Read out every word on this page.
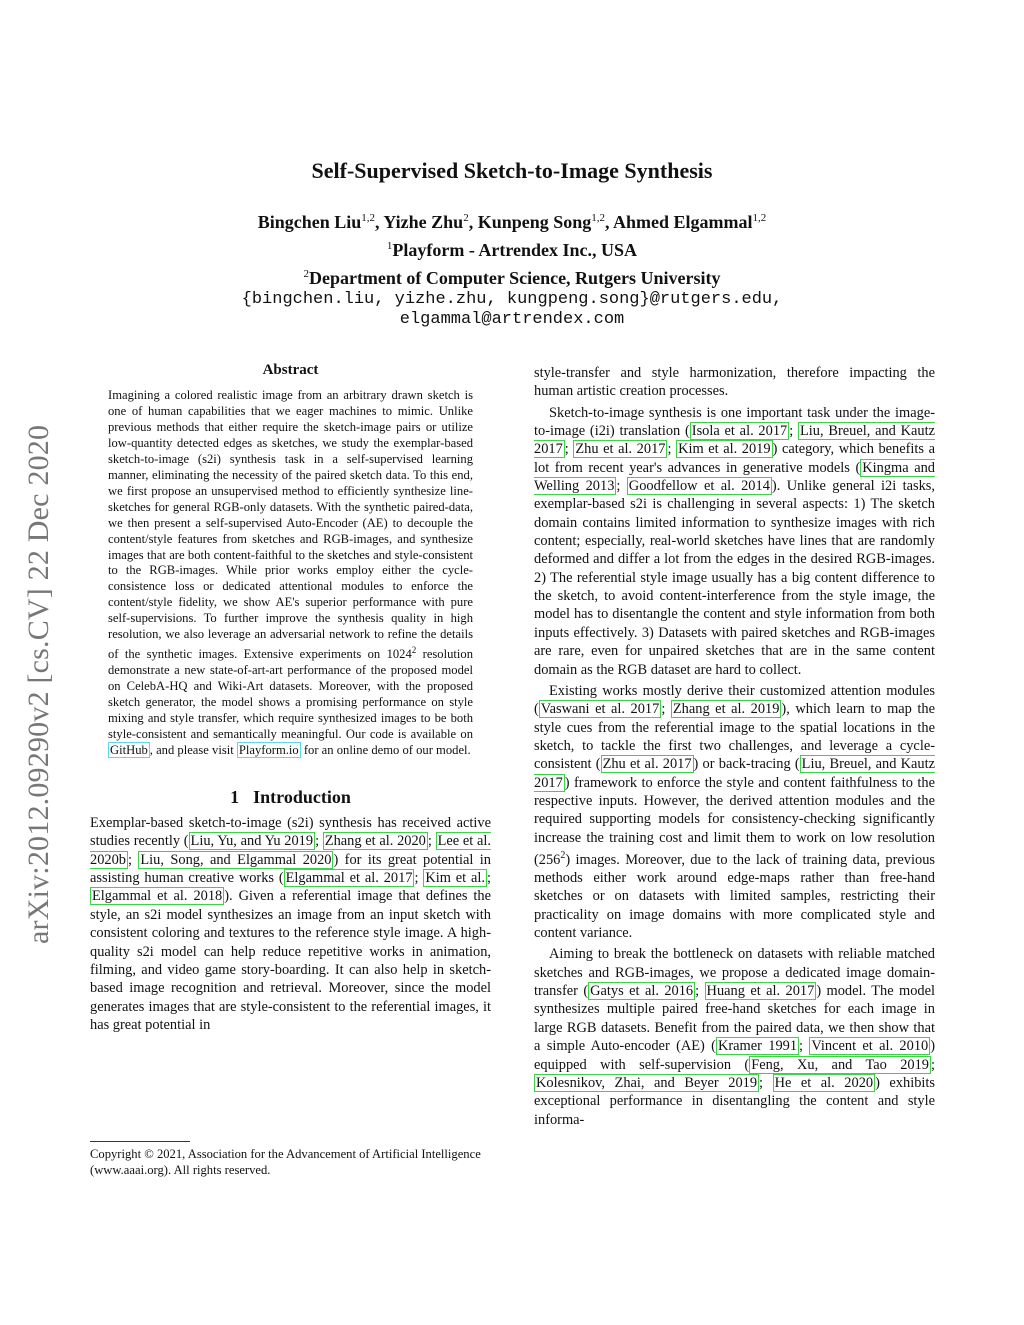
arXiv:2012.09290v2 [cs.CV] 22 Dec 2020
Self-Supervised Sketch-to-Image Synthesis
Bingchen Liu$^{1,2}$, Yizhe Zhu$^2$, Kunpeng Song$^{1,2}$, Ahmed Elgammal$^{1,2}$
$^1$Playform - Artrendex Inc., USA
$^2$Department of Computer Science, Rutgers University
{bingchen.liu, yizhe.zhu, kungpeng.song}@rutgers.edu,
elgammal@artrendex.com
Abstract
Imagining a colored realistic image from an arbitrary drawn sketch is one of human capabilities that we eager machines to mimic. Unlike previous methods that either require the sketch-image pairs or utilize low-quantity detected edges as sketches, we study the exemplar-based sketch-to-image (s2i) synthesis task in a self-supervised learning manner, eliminating the necessity of the paired sketch data. To this end, we first propose an unsupervised method to efficiently synthesize line-sketches for general RGB-only datasets. With the synthetic paired-data, we then present a self-supervised Auto-Encoder (AE) to decouple the content/style features from sketches and RGB-images, and synthesize images that are both content-faithful to the sketches and style-consistent to the RGB-images. While prior works employ either the cycle-consistence loss or dedicated attentional modules to enforce the content/style fidelity, we show AE's superior performance with pure self-supervisions. To further improve the synthesis quality in high resolution, we also leverage an adversarial network to refine the details of the synthetic images. Extensive experiments on 1024$^2$ resolution demonstrate a new state-of-art-art performance of the proposed model on CelebA-HQ and Wiki-Art datasets. Moreover, with the proposed sketch generator, the model shows a promising performance on style mixing and style transfer, which require synthesized images to be both style-consistent and semantically meaningful. Our code is available on GitHub , and please visit Playform.io for an online demo of our model.
1 Introduction

Exemplar-based sketch-to-image (s2i) synthesis has received active studies recently ( Liu, Yu, and Yu 2019 ; Zhang et al. 2020 ; Lee et al. 2020b ; Liu, Song, and Elgammal 2020 ) for its great potential in assisting human creative works ( Elgammal et al. 2017 ; Kim et al. ; Elgammal et al. 2018 ). Given a referential image that defines the style, an s2i model synthesizes an image from an input sketch with consistent coloring and textures to the reference style image. A high-quality s2i model can help reduce repetitive works in animation, filming, and video game story-boarding. It can also help in sketch-based image recognition and retrieval. Moreover, since the model generates images that are style-consistent to the referential images, it has great potential in

Copyright © 2021, Association for the Advancement of Artificial Intelligence (www.aaai.org). All rights reserved.

style-transfer and style harmonization, therefore impacting the human artistic creation processes.

Sketch-to-image synthesis is one important task under the image-to-image (i2i) translation ( Isola et al. 2017 ; Liu, Breuel, and Kautz 2017 ; Zhu et al. 2017 ; Kim et al. 2019 ) category, which benefits a lot from recent year's advances in generative models ( Kingma and Welling 2013 ; Goodfellow et al. 2014 ). Unlike general i2i tasks, exemplar-based s2i is challenging in several aspects: 1) The sketch domain contains limited information to synthesize images with rich content; especially, real-world sketches have lines that are randomly deformed and differ a lot from the edges in the desired RGB-images. 2) The referential style image usually has a big content difference to the sketch, to avoid content-interference from the style image, the model has to disentangle the content and style information from both inputs effectively. 3) Datasets with paired sketches and RGB-images are rare, even for unpaired sketches that are in the same content domain as the RGB dataset are hard to collect.

Existing works mostly derive their customized attention modules ( Vaswani et al. 2017 ; Zhang et al. 2019 ), which learn to map the style cues from the referential image to the spatial locations in the sketch, to tackle the first two challenges, and leverage a cycle-consistent ( Zhu et al. 2017 ) or back-tracing ( Liu, Breuel, and Kautz 2017 ) framework to enforce the style and content faithfulness to the respective inputs. However, the derived attention modules and the required supporting models for consistency-checking significantly increase the training cost and limit them to work on low resolution $(256^2)$ images. Moreover, due to the lack of training data, previous methods either work around edge-maps rather than free-hand sketches or on datasets with limited samples, restricting their practicality on image domains with more complicated style and content variance.

Aiming to break the bottleneck on datasets with reliable matched sketches and RGB-images, we propose a dedicated image domain-transfer ( Gatys et al. 2016 ; Huang et al. 2017 ) model. The model synthesizes multiple paired free-hand sketches for each image in large RGB datasets. Benefit from the paired data, we then show that a simple Auto-encoder (AE) ( Kramer 1991 ; Vincent et al. 2010 ) equipped with self-supervision ( Feng, Xu, and Tao 2019 ; Kolesnikov, Zhai, and Beyer 2019 ; He et al. 2020 ) exhibits exceptional performance in disentangling the content and style informa-
